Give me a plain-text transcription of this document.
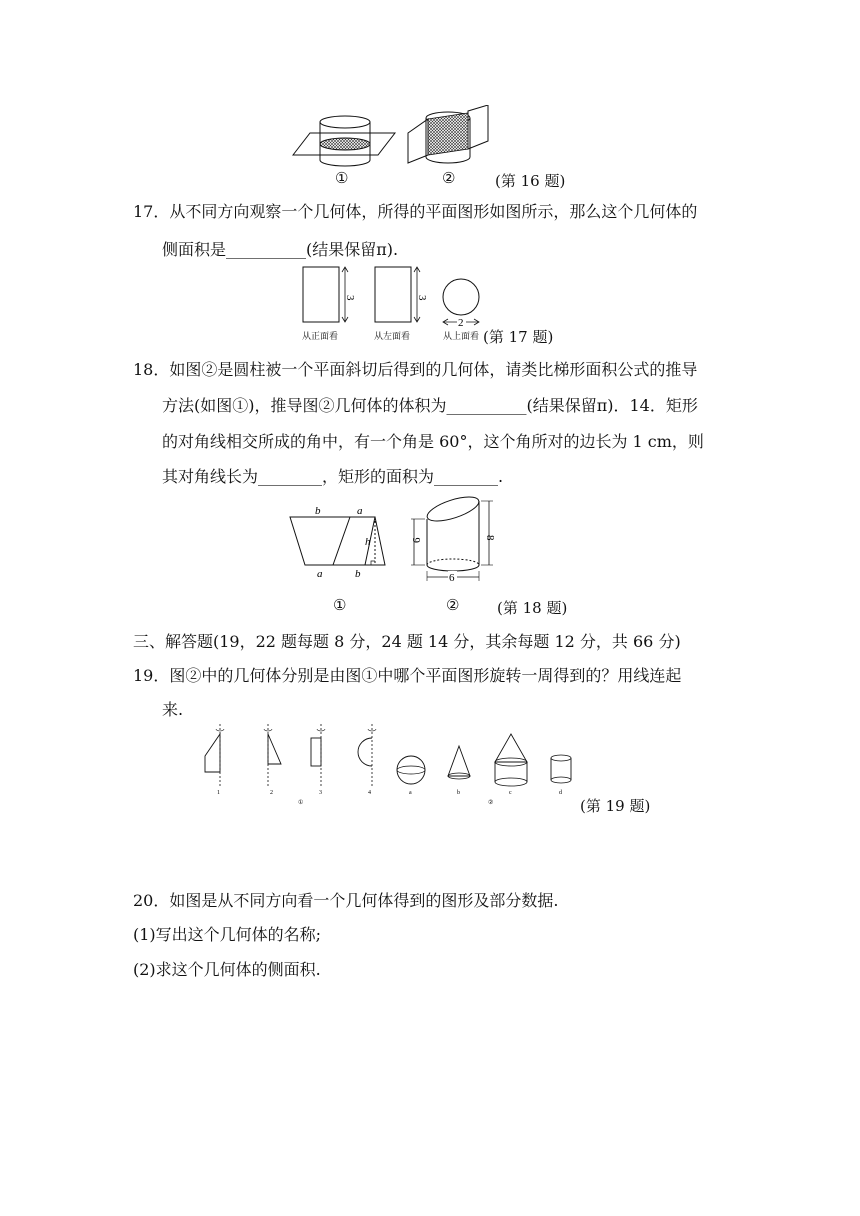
①	②	(第 16 题)
17．从不同方向观察一个几何体，所得的平面图形如图所示，那么这个几何体的
侧面积是__________(结果保留π).
3	3
2
从正面看	从左面看	从上面看 (第 17 题)
18．如图②是圆柱被一个平面斜切后得到的几何体，请类比梯形面积公式的推导
方法(如图①)，推导图②几何体的体积为__________(结果保留π)．14．矩形
的对角线相交所成的角中，有一个角是 60°，这个角所对的边长为 1 cm，则
其对角线长为________，矩形的面积为________.
b	a
h
a	b
6	8
6
①	②	(第 18 题)
三、解答题(19，22 题每题 8 分，24 题 14 分，其余每题 12 分，共 66 分)
19．图②中的几何体分别是由图①中哪个平面图形旋转一周得到的？用线连起
来.
1	2	3	4	a	b	c	d
①	②	(第 19 题)
20．如图是从不同方向看一个几何体得到的图形及部分数据.
(1)写出这个几何体的名称;
(2)求这个几何体的侧面积.
